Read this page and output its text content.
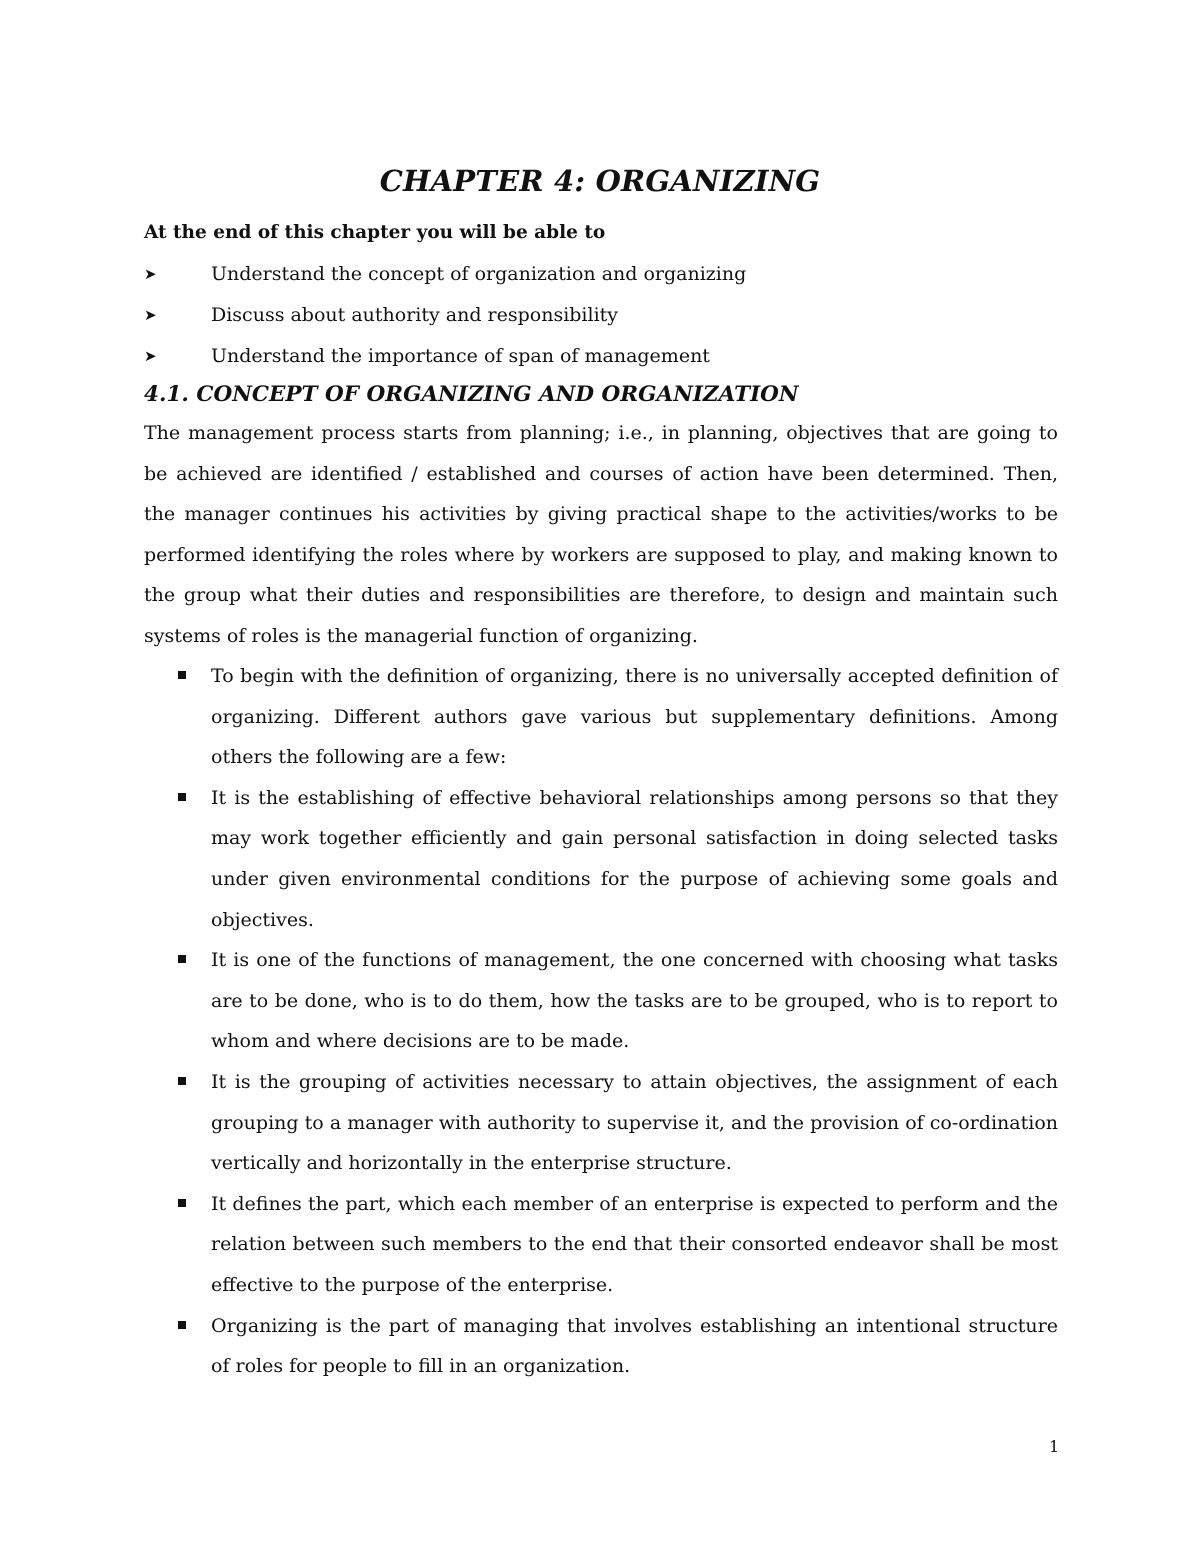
CHAPTER 4: ORGANIZING
At the end of this chapter you will be able to
➤	Understand the concept of organization and organizing
➤	Discuss about authority and responsibility
➤	Understand the importance of span of management
4.1. CONCEPT OF ORGANIZING AND ORGANIZATION

The management process starts from planning; i.e., in planning, objectives that are going to be achieved are identified / established and courses of action have been determined. Then, the manager continues his activities by giving practical shape to the activities/works to be performed identifying the roles where by workers are supposed to play, and making known to the group what their duties and responsibilities are therefore, to design and maintain such systems of roles is the managerial function of organizing.

To begin with the definition of organizing, there is no universally accepted definition of organizing. Different authors gave various but supplementary definitions. Among others the following are a few:
It is the establishing of effective behavioral relationships among persons so that they may work together efficiently and gain personal satisfaction in doing selected tasks under given environmental conditions for the purpose of achieving some goals and objectives.
It is one of the functions of management, the one concerned with choosing what tasks are to be done, who is to do them, how the tasks are to be grouped, who is to report to whom and where decisions are to be made.
It is the grouping of activities necessary to attain objectives, the assignment of each grouping to a manager with authority to supervise it, and the provision of co-ordination vertically and horizontally in the enterprise structure.
It defines the part, which each member of an enterprise is expected to perform and the relation between such members to the end that their consorted endeavor shall be most effective to the purpose of the enterprise.
Organizing is the part of managing that involves establishing an intentional structure of roles for people to fill in an organization.
1
